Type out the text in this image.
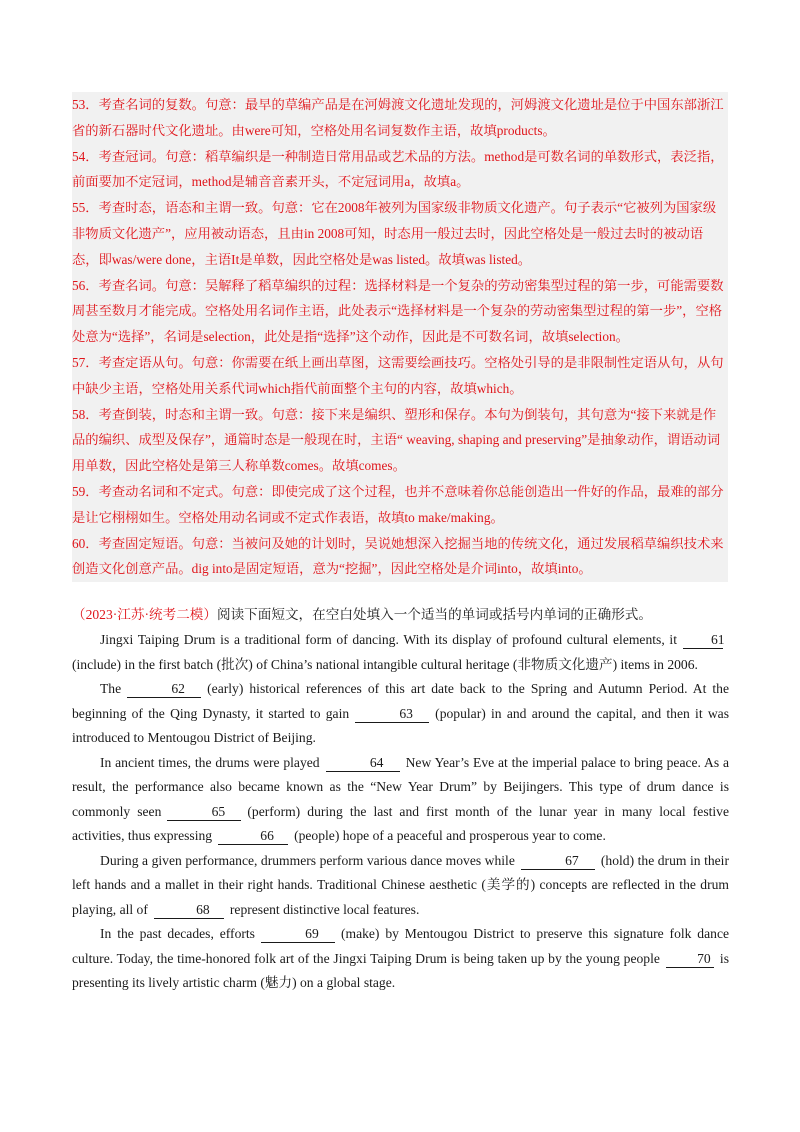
53．考查名词的复数。句意：最早的草编产品是在河姆渡文化遗址发现的，河姆渡文化遗址是位于中国东部浙江省的新石器时代文化遗址。由were可知，空格处用名词复数作主语，故填products。
54．考查冠词。句意：稻草编织是一种制造日常用品或艺术品的方法。method是可数名词的单数形式，表泛指，前面要加不定冠词，method是辅音音素开头，不定冠词用a，故填a。
55．考查时态，语态和主谓一致。句意：它在2008年被列为国家级非物质文化遗产。句子表示“它被列为国家级非物质文化遗产”，应用被动语态，且由in 2008可知，时态用一般过去时，因此空格处是一般过去时的被动语态，即was/were done，主语It是单数，因此空格处是was listed。故填was listed。
56．考查名词。句意：吴解释了稻草编织的过程：选择材料是一个复杂的劳动密集型过程的第一步，可能需要数周甚至数月才能完成。空格处用名词作主语，此处表示“选择材料是一个复杂的劳动密集型过程的第一步”，空格处意为“选择”，名词是selection，此处是指“选择”这个动作，因此是不可数名词，故填selection。
57．考查定语从句。句意：你需要在纸上画出草图，这需要绘画技巧。空格处引导的是非限制性定语从句，从句中缺少主语，空格处用关系代词which指代前面整个主句的内容，故填which。
58．考查倒装，时态和主谓一致。句意：接下来是编织、塑形和保存。本句为倒装句，其句意为“接下来就是作品的编织、成型及保存”，通篇时态是一般现在时，主语“ weaving, shaping and preserving”是抽象动作，谓语动词用单数，因此空格处是第三人称单数comes。故填comes。
59．考查动名词和不定式。句意：即使完成了这个过程，也并不意味着你总能创造出一件好的作品，最难的部分是让它栩栩如生。空格处用动名词或不定式作表语，故填to make/making。
60．考查固定短语。句意：当被问及她的计划时，吴说她想深入挖掘当地的传统文化，通过发展稻草编织技术来创造文化创意产品。dig into是固定短语，意为“挖掘”，因此空格处是介词into，故填into。
（2023·江苏·统考二模）阅读下面短文，在空白处填入一个适当的单词或括号内单词的正确形式。

Jingxi Taiping Drum is a traditional form of dancing. With its display of profound cultural elements, it	61(include) in the first batch (批次) of China’s national intangible cultural heritage (非物质文化遗产) items in 2006.

The	62 (early) historical references of this art date back to the Spring and Autumn Period. At the beginning of the Qing Dynasty, it started to gain	63 (popular) in and around the capital, and then it was introduced to Mentougou District of Beijing.

In ancient times, the drums were played	64 New Year’s Eve at the imperial palace to bring peace. As a result, the performance also became known as the “New Year Drum” by Beijingers. This type of drum dance is commonly seen	65 (perform) during the last and first month of the lunar year in many local festive activities, thus expressing	66 (people) hope of a peaceful and prosperous year to come.

During a given performance, drummers perform various dance moves while	67 (hold) the drum in their left hands and a mallet in their right hands. Traditional Chinese aesthetic (美学的) concepts are reflected in the drum playing, all of	68 represent distinctive local features.

In the past decades, efforts	69 (make) by Mentougou District to preserve this signature folk dance culture. Today, the time-honored folk art of the Jingxi Taiping Drum is being taken up by the young people	70 is presenting its lively artistic charm (魅力) on a global stage.
